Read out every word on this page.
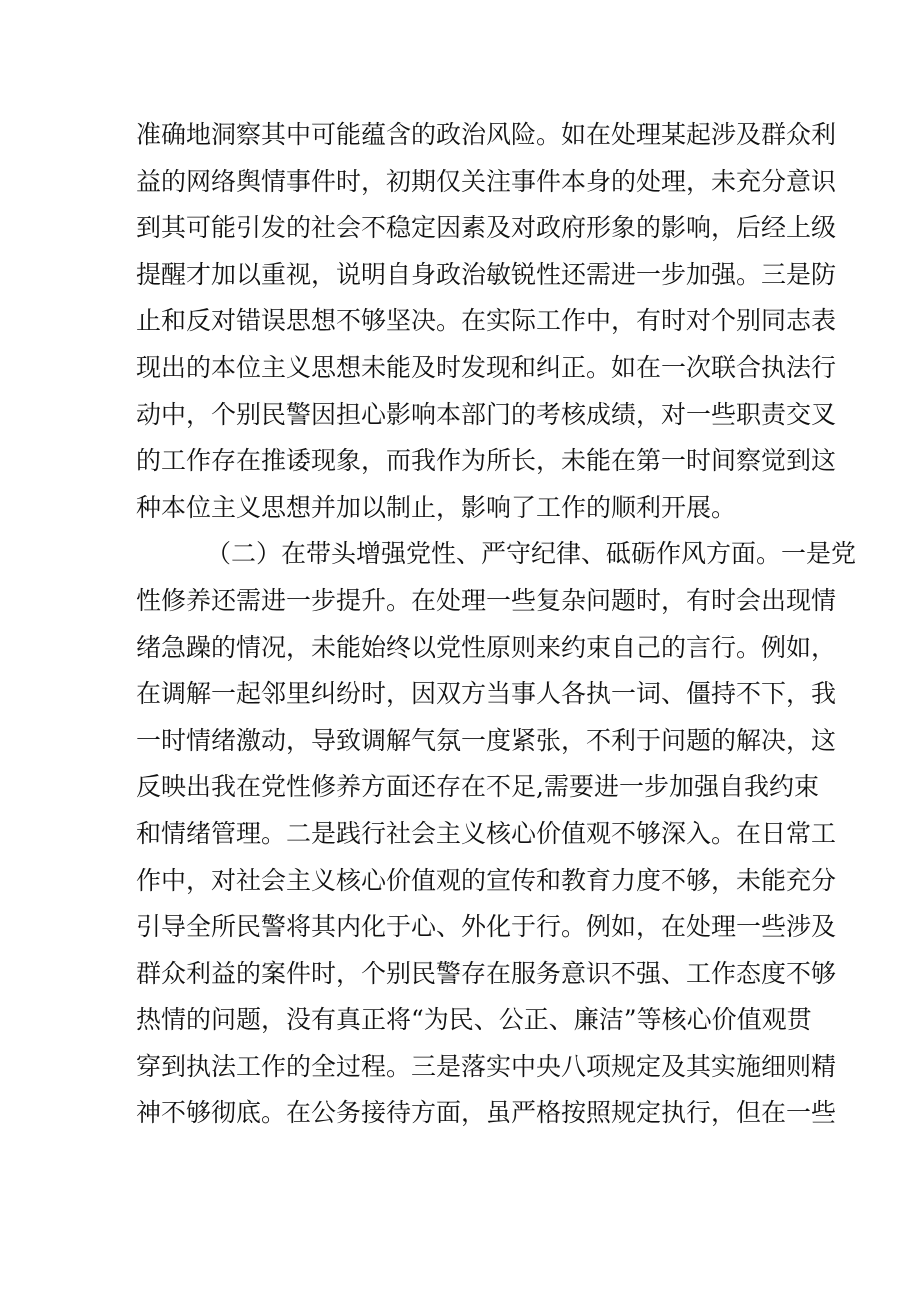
准确地洞察其中可能蕴含的政治风险。如在处理某起涉及群众利
益的网络舆情事件时，初期仅关注事件本身的处理，未充分意识
到其可能引发的社会不稳定因素及对政府形象的影响，后经上级
提醒才加以重视，说明自身政治敏锐性还需进一步加强。三是防
止和反对错误思想不够坚决。在实际工作中，有时对个别同志表
现出的本位主义思想未能及时发现和纠正。如在一次联合执法行
动中，个别民警因担心影响本部门的考核成绩，对一些职责交叉
的工作存在推诿现象，而我作为所长，未能在第一时间察觉到这
种本位主义思想并加以制止，影响了工作的顺利开展。
（二）在带头增强党性、严守纪律、砥砺作风方面。一是党
性修养还需进一步提升。在处理一些复杂问题时，有时会出现情
绪急躁的情况，未能始终以党性原则来约束自己的言行。例如，
在调解一起邻里纠纷时，因双方当事人各执一词、僵持不下，我
一时情绪激动，导致调解气氛一度紧张，不利于问题的解决，这
反映出我在党性修养方面还存在不足,需要进一步加强自我约束
和情绪管理。二是践行社会主义核心价值观不够深入。在日常工
作中，对社会主义核心价值观的宣传和教育力度不够，未能充分
引导全所民警将其内化于心、外化于行。例如，在处理一些涉及
群众利益的案件时，个别民警存在服务意识不强、工作态度不够
热情的问题，没有真正将“为民、公正、廉洁”等核心价值观贯
穿到执法工作的全过程。三是落实中央八项规定及其实施细则精
神不够彻底。在公务接待方面，虽严格按照规定执行，但在一些
